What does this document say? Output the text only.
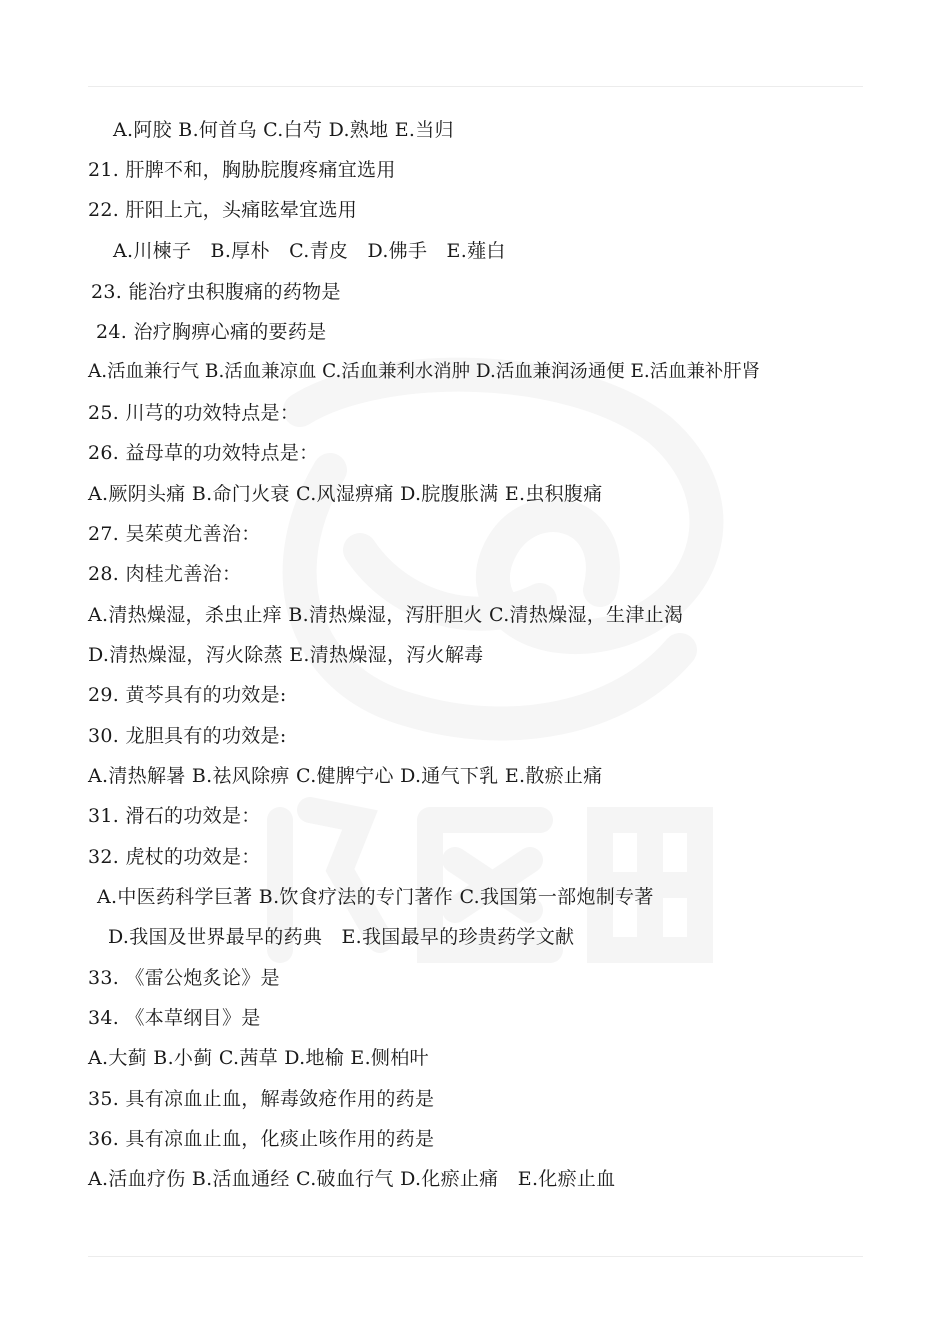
A.阿胶 B.何首乌 C.白芍 D.熟地 E.当归
21. 肝脾不和，胸胁脘腹疼痛宜选用
22. 肝阳上亢，头痛眩晕宜选用
A.川楝子　B.厚朴　C.青皮　D.佛手　E.薤白
23. 能治疗虫积腹痛的药物是
24. 治疗胸痹心痛的要药是
A.活血兼行气 B.活血兼凉血 C.活血兼利水消肿 D.活血兼润汤通便 E.活血兼补肝肾
25. 川芎的功效特点是：
26. 益母草的功效特点是：
A.厥阴头痛 B.命门火衰 C.风湿痹痛 D.脘腹胀满 E.虫积腹痛
27. 吴茱萸尤善治：
28. 肉桂尤善治：
A.清热燥湿，杀虫止痒 B.清热燥湿，泻肝胆火 C.清热燥湿，生津止渴
D.清热燥湿，泻火除蒸 E.清热燥湿，泻火解毒
29. 黄芩具有的功效是:
30. 龙胆具有的功效是:
A.清热解暑 B.祛风除痹 C.健脾宁心 D.通气下乳 E.散瘀止痛
31. 滑石的功效是：
32. 虎杖的功效是：
A.中医药科学巨著 B.饮食疗法的专门著作 C.我国第一部炮制专著
D.我国及世界最早的药典　E.我国最早的珍贵药学文献
33. 《雷公炮炙论》是
34. 《本草纲目》是
A.大蓟 B.小蓟 C.茜草 D.地榆 E.侧柏叶
35. 具有凉血止血，解毒敛疮作用的药是
36. 具有凉血止血，化痰止咳作用的药是
A.活血疗伤 B.活血通经 C.破血行气 D.化瘀止痛　E.化瘀止血
